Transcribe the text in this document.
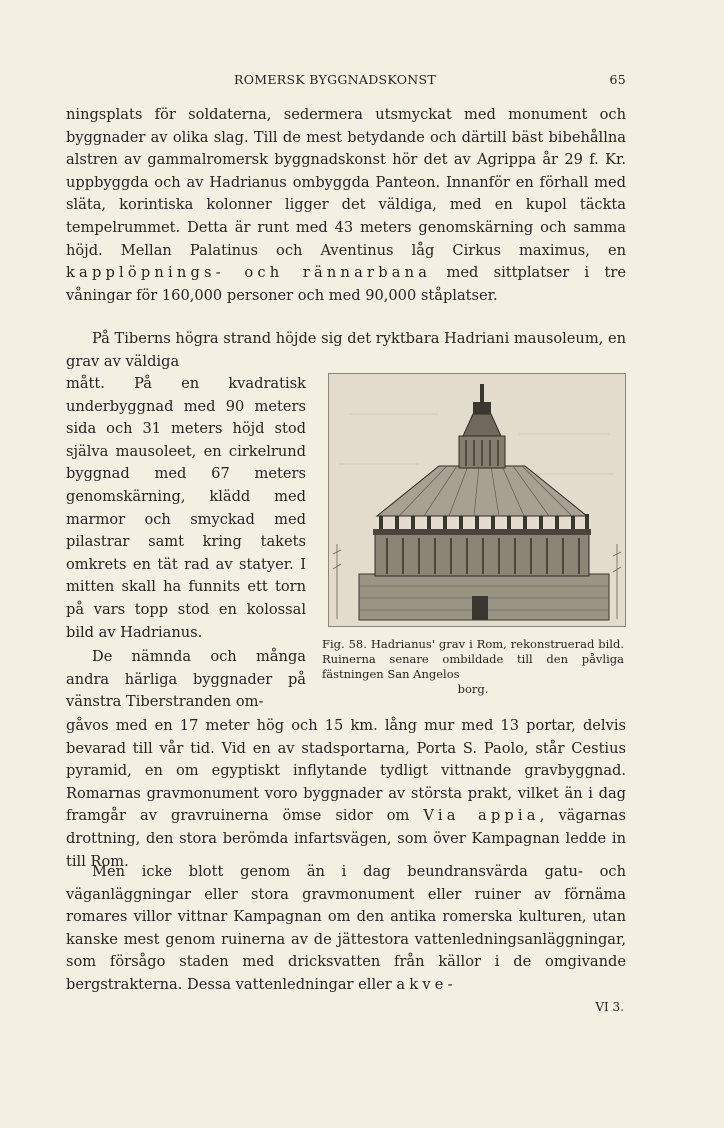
ROMERSK BYGGNADSKONST	65

ningsplats för soldaterna, sedermera utsmyckat med monument och byggnader av olika slag. Till de mest betydande och därtill bäst bibehållna alstren av gammalromersk byggnadskonst hör det av Agrippa år 29 f. Kr. uppbyggda och av Hadrianus ombyggda Panteon. Innanför en förhall med släta, korintiska kolonner ligger det väldiga, med en kupol täckta tempelrummet. Detta är runt med 43 meters genomskärning och samma höjd. Mellan Palatinus och Aventinus låg Cirkus maximus, en kapplöpnings- och rännarbana med sittplatser i tre våningar för 160,000 personer och med 90,000 ståplatser.

På Tiberns högra strand höjde sig det ryktbara Hadriani mausoleum, en grav av väldiga

mått. På en kvadratisk underbyggnad med 90 meters sida och 31 meters höjd stod själva mausoleet, en cirkelrund byggnad med 67 meters genomskärning, klädd med marmor och smyckad med pilastrar samt kring takets omkrets en tät rad av statyer. I mitten skall ha funnits ett torn på vars topp stod en kolossal bild av Hadrianus.

De nämnda och många andra härliga byggnader på vänstra Tiberstranden om-

gåvos med en 17 meter hög och 15 km. lång mur med 13 portar, delvis bevarad till vår tid. Vid en av stadsportarna, Porta S. Paolo, står Cestius pyramid, en om egyptiskt inflytande tydligt vittnande gravbyggnad. Romarnas gravmonument voro byggnader av största prakt, vilket än i dag framgår av gravruinerna ömse sidor om Via appia, vägarnas drottning, den stora berömda infartsvägen, som över Kampagnan ledde in till Rom.

Men icke blott genom än i dag beundransvärda gatu- och väganläggningar eller stora gravmonument eller ruiner av förnäma romares villor vittnar Kampagnan om den antika romerska kulturen, utan kanske mest genom ruinerna av de jättestora vattenledningsanläggningar, som försågo staden med dricksvatten från källor i de omgivande bergstrakterna. Dessa vattenledningar eller akve-

Fig. 58. Hadrianus' grav i Rom, rekonstruerad bild. Ruinerna senare ombildade till den påvliga fästningen San Angelos
borg.
VI 3.
